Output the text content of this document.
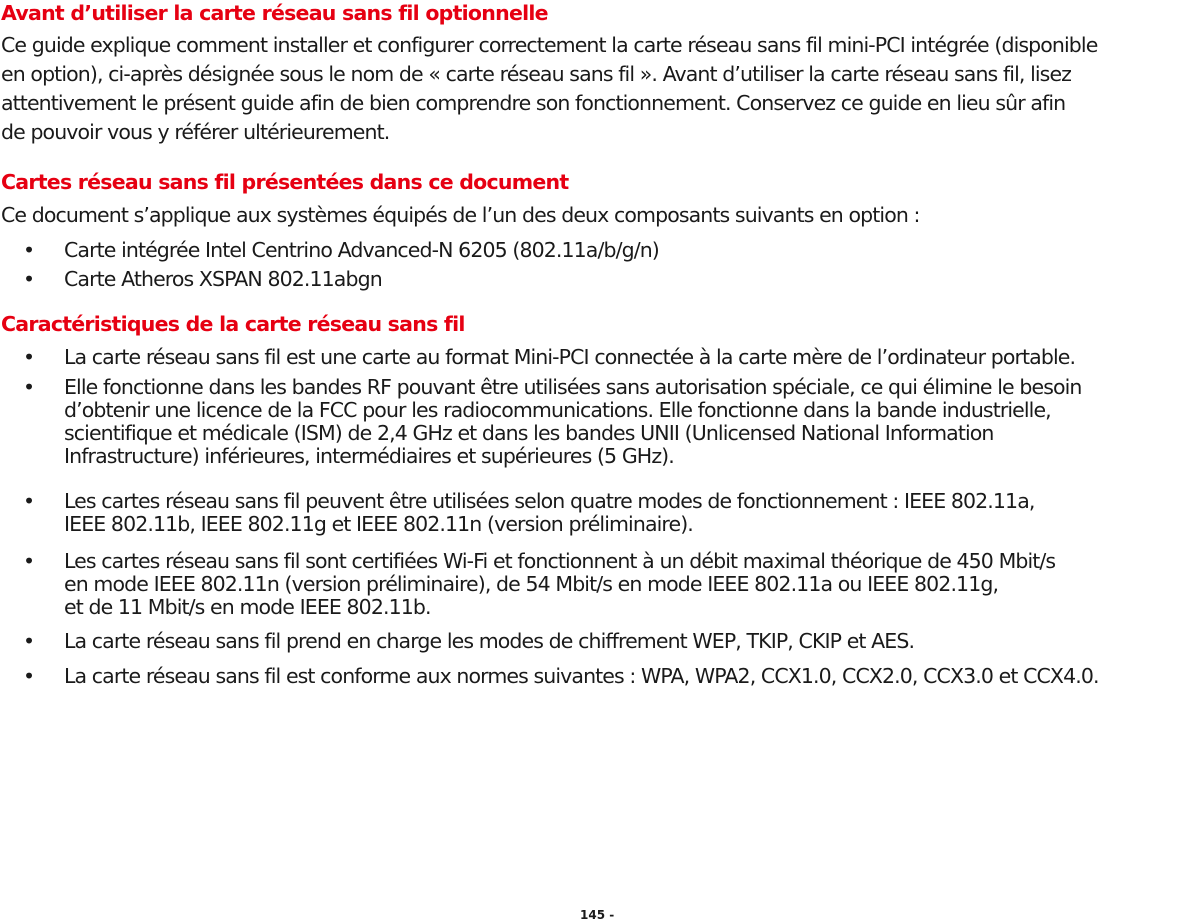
Avant d’utiliser la carte réseau sans fil optionnelle
Ce guide explique comment installer et configurer correctement la carte réseau sans fil mini-PCI intégrée (disponible
en option), ci-après désignée sous le nom de « carte réseau sans fil ». Avant d’utiliser la carte réseau sans fil, lisez
attentivement le présent guide afin de bien comprendre son fonctionnement. Conservez ce guide en lieu sûr afin
de pouvoir vous y référer ultérieurement.
Cartes réseau sans fil présentées dans ce document
Ce document s’applique aux systèmes équipés de l’un des deux composants suivants en option :
•	Carte intégrée Intel Centrino Advanced-N 6205 (802.11a/b/g/n)
•	Carte Atheros XSPAN 802.11abgn
Caractéristiques de la carte réseau sans fil
•	La carte réseau sans fil est une carte au format Mini-PCI connectée à la carte mère de l’ordinateur portable.
•	Elle fonctionne dans les bandes RF pouvant être utilisées sans autorisation spéciale, ce qui élimine le besoin
d’obtenir une licence de la FCC pour les radiocommunications. Elle fonctionne dans la bande industrielle,
scientifique et médicale (ISM) de 2,4 GHz et dans les bandes UNII (Unlicensed National Information
Infrastructure) inférieures, intermédiaires et supérieures (5 GHz).
•	Les cartes réseau sans fil peuvent être utilisées selon quatre modes de fonctionnement : IEEE 802.11a,
IEEE 802.11b, IEEE 802.11g et IEEE 802.11n (version préliminaire).
•	Les cartes réseau sans fil sont certifiées Wi-Fi et fonctionnent à un débit maximal théorique de 450 Mbit/s
en mode IEEE 802.11n (version préliminaire), de 54 Mbit/s en mode IEEE 802.11a ou IEEE 802.11g,
et de 11 Mbit/s en mode IEEE 802.11b.
•	La carte réseau sans fil prend en charge les modes de chiffrement WEP, TKIP, CKIP et AES.
•	La carte réseau sans fil est conforme aux normes suivantes : WPA, WPA2, CCX1.0, CCX2.0, CCX3.0 et CCX4.0.
145 -
